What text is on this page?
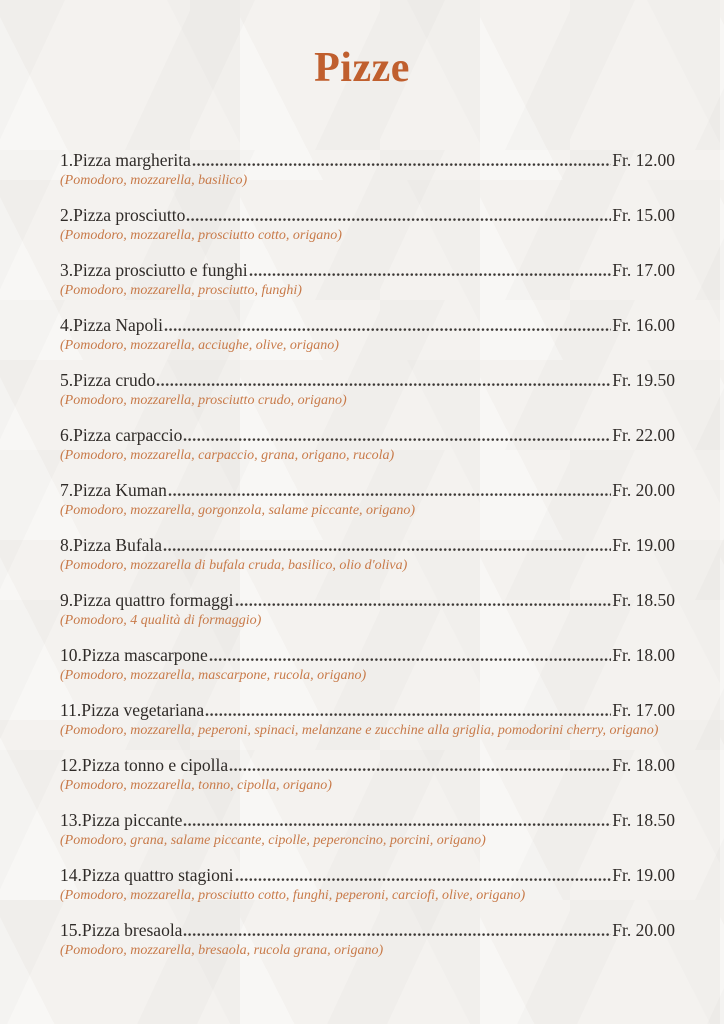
Pizze
1.Pizza margherita	Fr. 12.00
(Pomodoro, mozzarella, basilico)
2.Pizza prosciutto	Fr. 15.00
(Pomodoro, mozzarella, prosciutto cotto, origano)
3.Pizza prosciutto e funghi	Fr. 17.00
(Pomodoro, mozzarella, prosciutto, funghi)
4.Pizza Napoli	Fr. 16.00
(Pomodoro, mozzarella, acciughe, olive, origano)
5.Pizza crudo	Fr. 19.50
(Pomodoro, mozzarella, prosciutto crudo, origano)
6.Pizza carpaccio	Fr. 22.00
(Pomodoro, mozzarella, carpaccio, grana, origano, rucola)
7.Pizza Kuman	Fr. 20.00
(Pomodoro, mozzarella, gorgonzola, salame piccante, origano)
8.Pizza Bufala	Fr. 19.00
(Pomodoro, mozzarella di bufala cruda, basilico, olio d'oliva)
9.Pizza quattro formaggi	Fr. 18.50
(Pomodoro, 4 qualità di formaggio)
10.Pizza mascarpone	Fr. 18.00
(Pomodoro, mozzarella, mascarpone, rucola, origano)
11.Pizza vegetariana	Fr. 17.00
(Pomodoro, mozzarella, peperoni, spinaci, melanzane e zucchine alla griglia, pomodorini cherry, origano)
12.Pizza tonno e cipolla	Fr. 18.00
(Pomodoro, mozzarella, tonno, cipolla, origano)
13.Pizza piccante	Fr. 18.50
(Pomodoro, grana, salame piccante, cipolle, peperoncino, porcini, origano)
14.Pizza quattro stagioni	Fr. 19.00
(Pomodoro, mozzarella, prosciutto cotto, funghi, peperoni, carciofi, olive, origano)
15.Pizza bresaola	Fr. 20.00
(Pomodoro, mozzarella, bresaola, rucola grana, origano)
